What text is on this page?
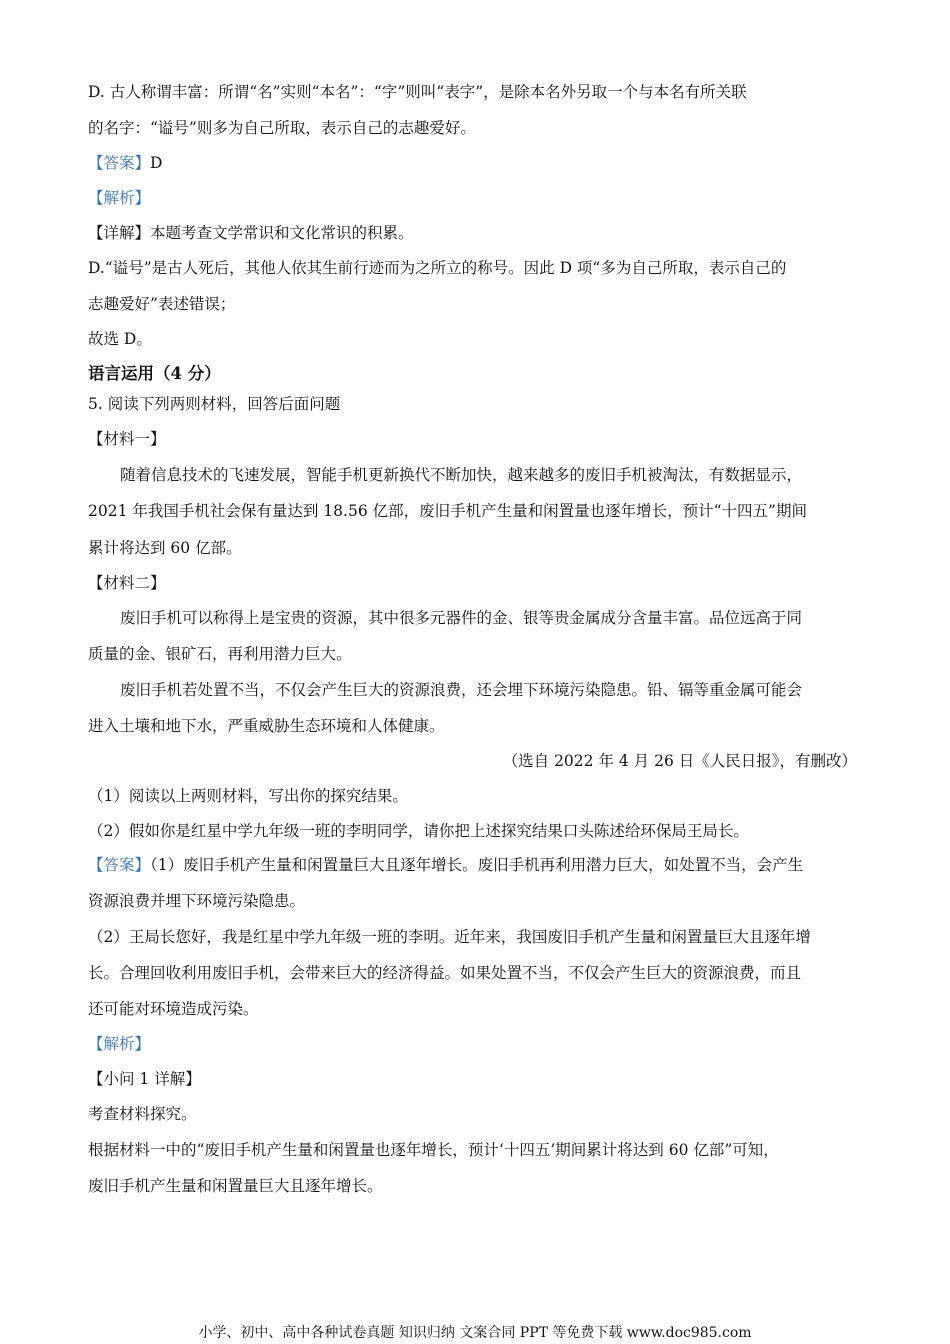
D. 古人称谓丰富：所谓“名”实则“本名”：“字”则叫“表字”，是除本名外另取一个与本名有所关联
的名字：“谥号”则多为自己所取，表示自己的志趣爱好。
【答案】D
【解析】
【详解】本题考查文学常识和文化常识的积累。
D.“谥号”是古人死后，其他人依其生前行迹而为之所立的称号。因此 D 项“多为自己所取，表示自己的
志趣爱好”表述错误；
故选 D。
语言运用（4 分）
5. 阅读下列两则材料，回答后面问题
【材料一】
随着信息技术的飞速发展，智能手机更新换代不断加快，越来越多的废旧手机被淘汰，有数据显示，
2021 年我国手机社会保有量达到 18.56 亿部，废旧手机产生量和闲置量也逐年增长，预计“十四五”期间
累计将达到 60 亿部。
【材料二】
废旧手机可以称得上是宝贵的资源，其中很多元器件的金、银等贵金属成分含量丰富。品位远高于同
质量的金、银矿石，再利用潜力巨大。
废旧手机若处置不当，不仅会产生巨大的资源浪费，还会埋下环境污染隐患。铅、镉等重金属可能会
进入土壤和地下水，严重威胁生态环境和人体健康。
（选自 2022 年 4 月 26 日《人民日报》，有删改）
（1）阅读以上两则材料，写出你的探究结果。
（2）假如你是红星中学九年级一班的李明同学，请你把上述探究结果口头陈述给环保局王局长。
【答案】（1）废旧手机产生量和闲置量巨大且逐年增长。废旧手机再利用潜力巨大，如处置不当，会产生
资源浪费并埋下环境污染隐患。
（2）王局长您好，我是红星中学九年级一班的李明。近年来，我国废旧手机产生量和闲置量巨大且逐年增
长。合理回收利用废旧手机，会带来巨大的经济得益。如果处置不当，不仅会产生巨大的资源浪费，而且
还可能对环境造成污染。
【解析】
【小问 1 详解】
考查材料探究。
根据材料一中的“废旧手机产生量和闲置量也逐年增长，预计‘十四五’期间累计将达到 60 亿部”可知，
废旧手机产生量和闲置量巨大且逐年增长。
小学、初中、高中各种试卷真题 知识归纳 文案合同 PPT 等免费下载 www.doc985.com
